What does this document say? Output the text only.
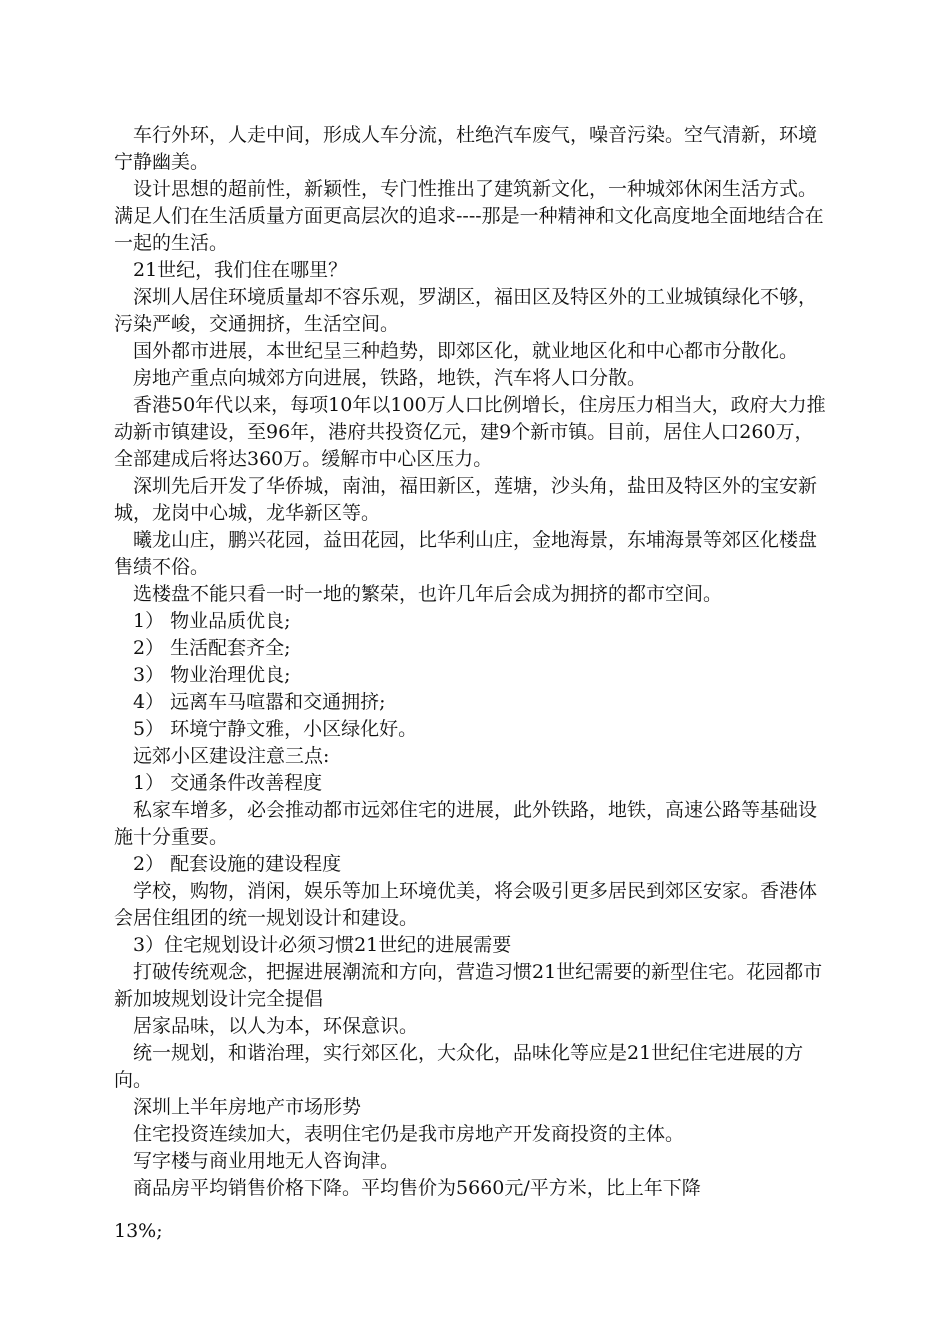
车行外环，人走中间，形成人车分流，杜绝汽车废气，噪音污染。空气清新，环境宁静幽美。

设计思想的超前性，新颖性，专门性推出了建筑新文化，一种城郊休闲生活方式。满足人们在生活质量方面更高层次的追求----那是一种精神和文化高度地全面地结合在一起的生活。

21世纪，我们住在哪里？

深圳人居住环境质量却不容乐观，罗湖区，福田区及特区外的工业城镇绿化不够，污染严峻，交通拥挤，生活空间。

国外都市进展，本世纪呈三种趋势，即郊区化，就业地区化和中心都市分散化。

房地产重点向城郊方向进展，铁路，地铁，汽车将人口分散。

香港50年代以来，每项10年以100万人口比例增长，住房压力相当大，政府大力推动新市镇建设，至96年，港府共投资亿元，建9个新市镇。目前，居住人口260万，全部建成后将达360万。缓解市中心区压力。

深圳先后开发了华侨城，南油，福田新区，莲塘，沙头角，盐田及特区外的宝安新城，龙岗中心城，龙华新区等。

曦龙山庄，鹏兴花园，益田花园，比华利山庄，金地海景，东埔海景等郊区化楼盘售绩不俗。

选楼盘不能只看一时一地的繁荣，也许几年后会成为拥挤的都市空间。

1） 物业品质优良;

2） 生活配套齐全;

3） 物业治理优良;

4） 远离车马喧嚣和交通拥挤;

5） 环境宁静文雅，小区绿化好。

远郊小区建设注意三点:

1） 交通条件改善程度

私家车增多，必会推动都市远郊住宅的进展，此外铁路，地铁，高速公路等基础设施十分重要。

2） 配套设施的建设程度

学校，购物，消闲，娱乐等加上环境优美，将会吸引更多居民到郊区安家。香港体会居住组团的统一规划设计和建设。

3）住宅规划设计必须习惯21世纪的进展需要

打破传统观念，把握进展潮流和方向，营造习惯21世纪需要的新型住宅。花园都市新加坡规划设计完全提倡

居家品味，以人为本，环保意识。

统一规划，和谐治理，实行郊区化，大众化，品味化等应是21世纪住宅进展的方向。

深圳上半年房地产市场形势

住宅投资连续加大，表明住宅仍是我市房地产开发商投资的主体。

写字楼与商业用地无人咨询津。

商品房平均销售价格下降。平均售价为5660元/平方米，比上年下降

13%;
